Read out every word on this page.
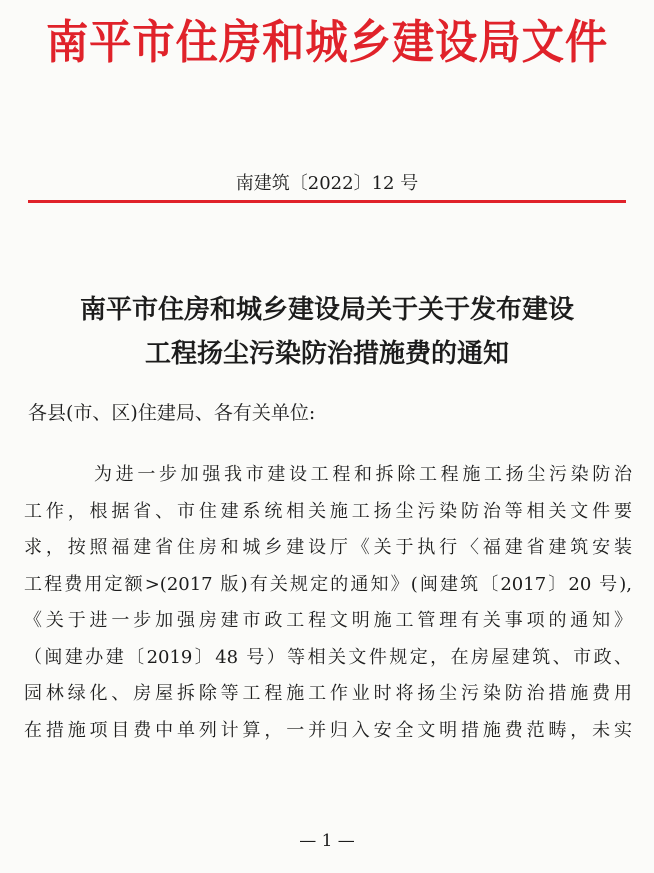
南平市住房和城乡建设局文件
南建筑〔2022〕12 号
南平市住房和城乡建设局关于关于发布建设
工程扬尘污染防治措施费的通知
各县(市、区)住建局、各有关单位:
为进一步加强我市建设工程和拆除工程施工扬尘污染防治
工作，根据省、市住建系统相关施工扬尘污染防治等相关文件要
求，按照福建省住房和城乡建设厅《关于执行〈福建省建筑安装
工程费用定额>(2017 版)有关规定的通知》(闽建筑〔2017〕20 号),
《关于进一步加强房建市政工程文明施工管理有关事项的通知》
（闽建办建〔2019〕48 号）等相关文件规定，在房屋建筑、市政、
园林绿化、房屋拆除等工程施工作业时将扬尘污染防治措施费用
在措施项目费中单列计算，一并归入安全文明措施费范畴，未实
— 1 —
